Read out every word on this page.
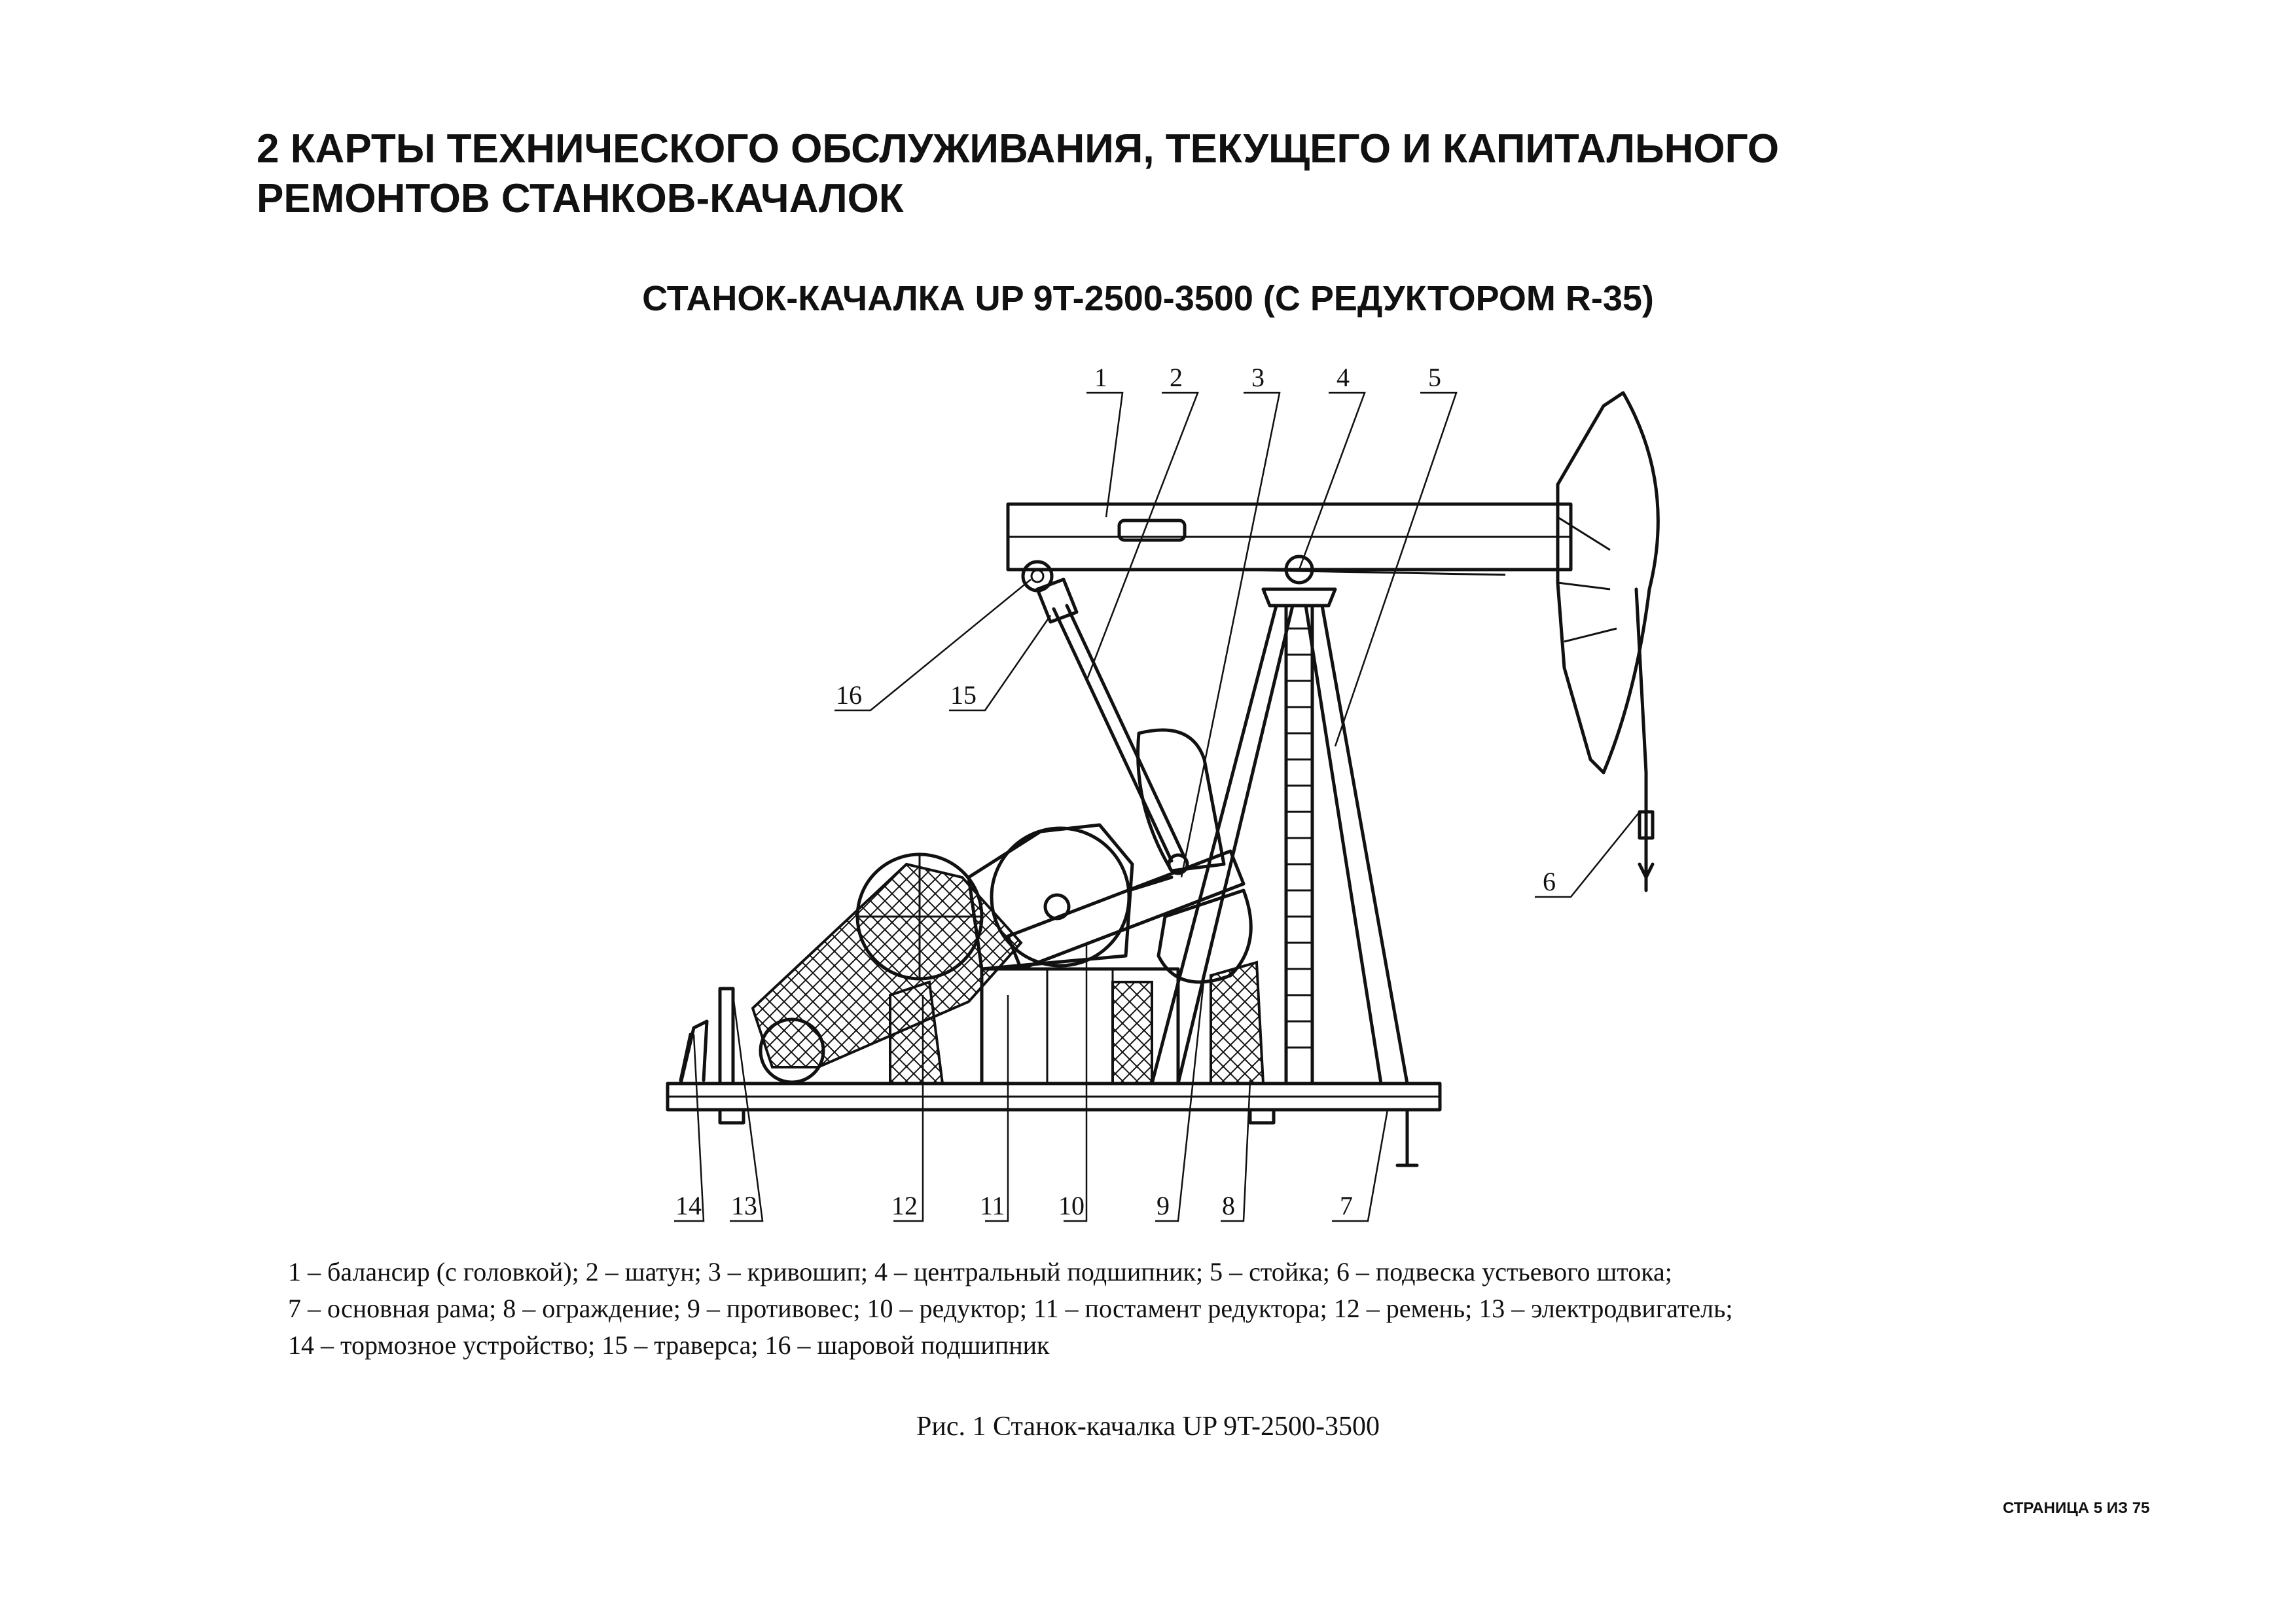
2 КАРТЫ ТЕХНИЧЕСКОГО ОБСЛУЖИВАНИЯ, ТЕКУЩЕГО И КАПИТАЛЬНОГО
РЕМОНТОВ СТАНКОВ-КАЧАЛОК
СТАНОК-КАЧАЛКА UP 9T-2500-3500 (С РЕДУКТОРОМ R-35)
1 2	3	4	5
6
7
8
9
10
11
12
13
14
15
16
1 – балансир (с головкой); 2 – шатун; 3 – кривошип; 4 – центральный подшипник; 5 – стойка; 6 – подвеска устьевого штока;
7 – основная рама; 8 – ограждение; 9 – противовес; 10 – редуктор; 11 – постамент редуктора; 12 – ремень; 13 – электродвигатель;
14 – тормозное устройство; 15 – траверса; 16 – шаровой подшипник
Рис. 1 Станок-качалка UP 9T-2500-3500
СТРАНИЦА 5 ИЗ 75
